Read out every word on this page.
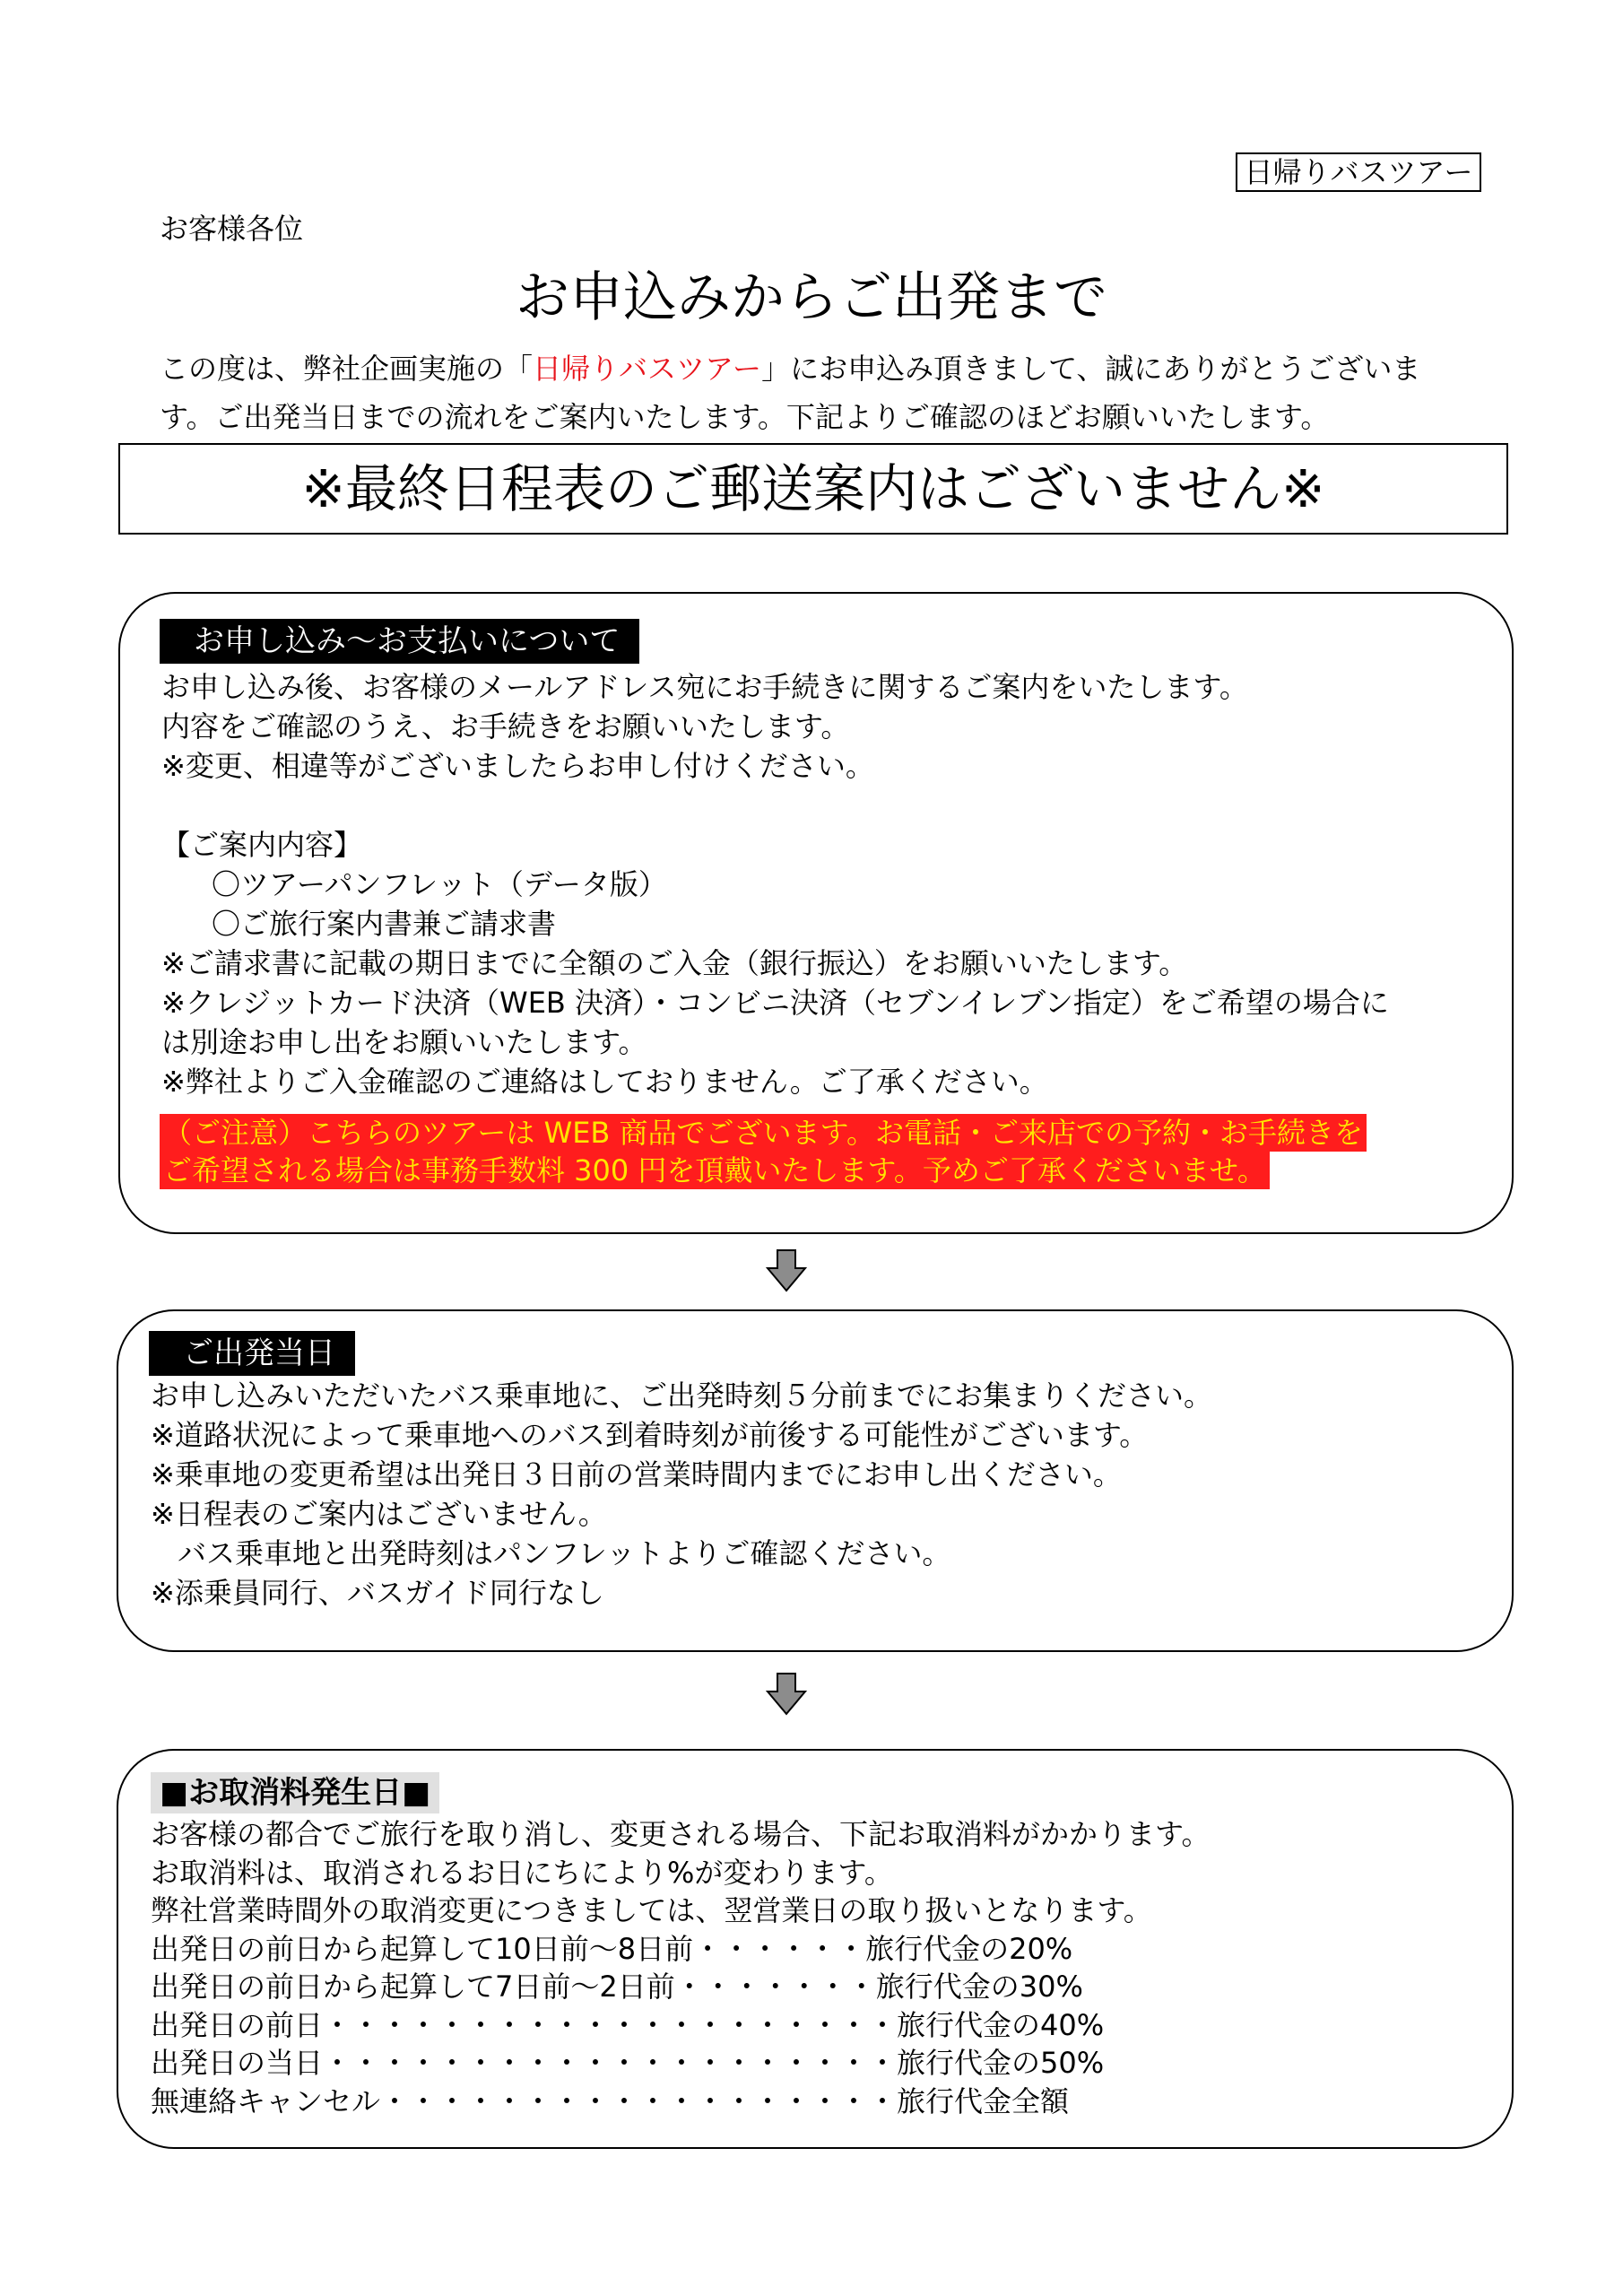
日帰りバスツアー
お客様各位
お申込みからご出発まで
この度は、弊社企画実施の「日帰りバスツアー」にお申込み頂きまして、誠にありがとうございま
す。ご出発当日までの流れをご案内いたします。下記よりご確認のほどお願いいたします。
※最終日程表のご郵送案内はございません※
お申し込み～お支払いについて
お申し込み後、お客様のメールアドレス宛にお手続きに関するご案内をいたします。
内容をご確認のうえ、お手続きをお願いいたします。
※変更、相違等がございましたらお申し付けください。

【ご案内内容】
〇ツアーパンフレット（データ版）
〇ご旅行案内書兼ご請求書
※ご請求書に記載の期日までに全額のご入金（銀行振込）をお願いいたします。
※クレジットカード決済（WEB 決済）・コンビニ決済（セブンイレブン指定）をご希望の場合に
は別途お申し出をお願いいたします。
※弊社よりご入金確認のご連絡はしておりません。ご了承ください。
（ご注意）こちらのツアーは WEB 商品でございます。お電話・ご来店での予約・お手続きを
ご希望される場合は事務手数料 300 円を頂戴いたします。予めご了承くださいませ。
ご出発当日
お申し込みいただいたバス乗車地に、ご出発時刻５分前までにお集まりください。
※道路状況によって乗車地へのバス到着時刻が前後する可能性がございます。
※乗車地の変更希望は出発日３日前の営業時間内までにお申し出ください。
※日程表のご案内はございません。
バス乗車地と出発時刻はパンフレットよりご確認ください。
※添乗員同行、バスガイド同行なし
■お取消料発生日■
お客様の都合でご旅行を取り消し、変更される場合、下記お取消料がかかります。
お取消料は、取消されるお日にちにより%が変わります。
弊社営業時間外の取消変更につきましては、翌営業日の取り扱いとなります。
出発日の前日から起算して10日前～8日前・・・・・・旅行代金の20%
出発日の前日から起算して7日前～2日前・・・・・・・旅行代金の30%
出発日の前日・・・・・・・・・・・・・・・・・・・・旅行代金の40%
出発日の当日・・・・・・・・・・・・・・・・・・・・旅行代金の50%
無連絡キャンセル・・・・・・・・・・・・・・・・・・旅行代金全額
